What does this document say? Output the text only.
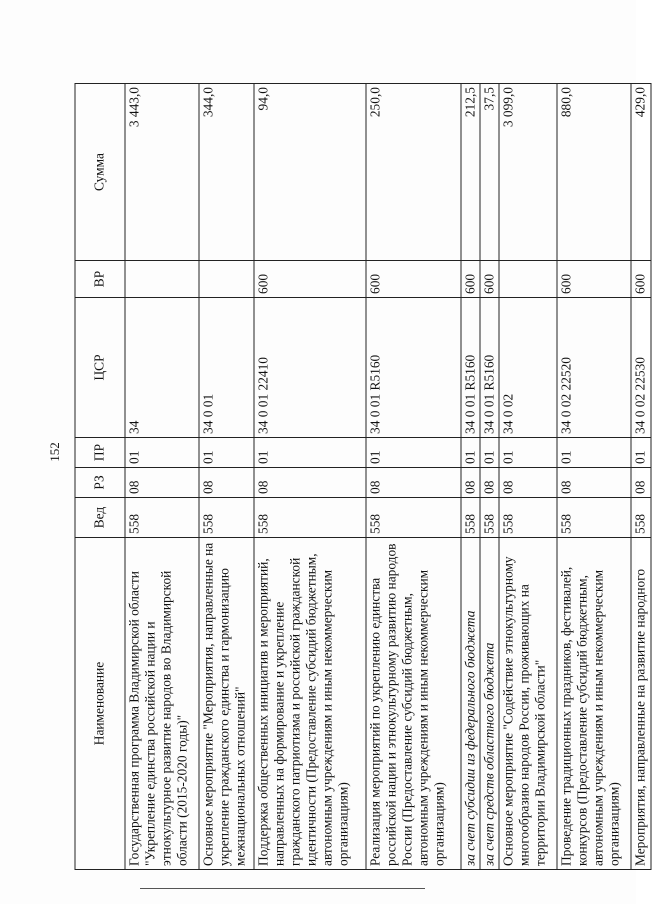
152
Наименование	Вед	РЗ	ПР	ЦСР	ВР	Сумма
Государственная программа Владимирской области "Укрепление единства российской нации и этнокультурное развитие народов во Владимирской области (2015-2020 годы)"	558	08	01	34		3 443,0
Основное мероприятие "Мероприятия, направленные на укрепление гражданского единства и гармонизацию межнациональных отношений"	558	08	01	34 0 01		344,0
Поддержка общественных инициатив и мероприятий, направленных на формирование и укрепление гражданского патриотизма и российской гражданской идентичности (Предоставление субсидий бюджетным, автономным учреждениям и иным некоммерческим организациям)	558	08	01	34 0 01 22410	600	94,0
Реализация мероприятий по укреплению единства российской нации и этнокультурному развитию народов России (Предоставление субсидий бюджетным, автономным учреждениям и иным некоммерческим организациям)	558	08	01	34 0 01 R5160	600	250,0
за счет субсидии из федерального бюджета	558	08	01	34 0 01 R5160	600	212,5
за счет средств областного бюджета	558	08	01	34 0 01 R5160	600	37,5
Основное мероприятие "Содействие этнокультурному многообразию народов России, проживающих на территории Владимирской области"	558	08	01	34 0 02		3 099,0
Проведение традиционных праздников, фестивалей, конкурсов (Предоставление субсидий бюджетным, автономным учреждениям и иным некоммерческим организациям)	558	08	01	34 0 02 22520	600	880,0
Мероприятия, направленные на развитие народного	558	08	01	34 0 02 22530	600	429,0
